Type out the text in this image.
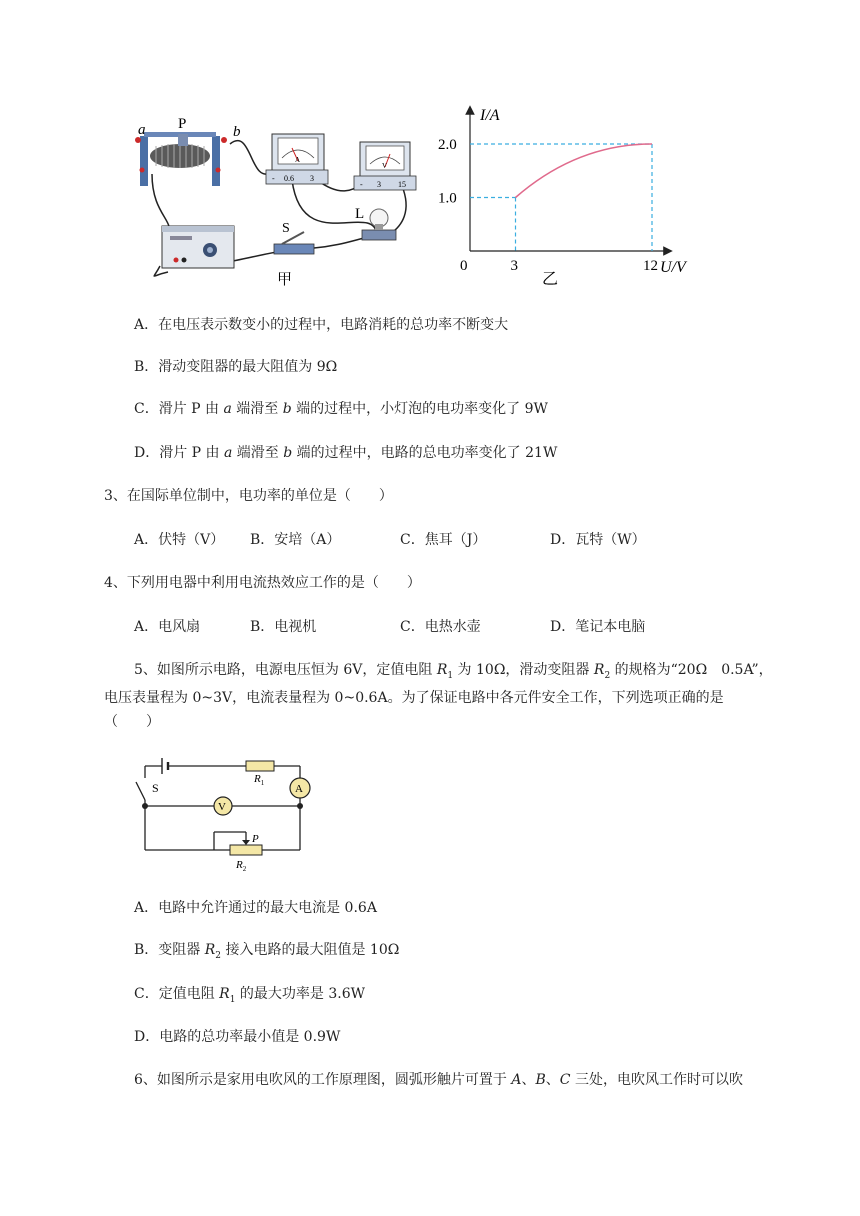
a P	b
A
- 0.6 3
V
- 3 15
L
S
甲
I/A
U/V
0
1.0
2.0
3	12
乙
A．在电压表示数变小的过程中，电路消耗的总功率不断变大
B．滑动变阻器的最大阻值为 9Ω
C．滑片 P 由 a 端滑至 b 端的过程中，小灯泡的电功率变化了 9W
D．滑片 P 由 a 端滑至 b 端的过程中，电路的总电功率变化了 21W
3、在国际单位制中，电功率的单位是（　　）
A．伏特（V） B．安培（A）	C．焦耳（J）	D．瓦特（W）
4、下列用电器中利用电流热效应工作的是（　　）
A．电风扇	B．电视机	C．电热水壶	D．笔记本电脑
5、如图所示电路，电源电压恒为 6V，定值电阻 $R_1$ 为 10Ω，滑动变阻器 $R_2$ 的规格为“20Ω　0.5A”，
电压表量程为 0~3V，电流表量程为 0~0.6A。为了保证电路中各元件安全工作，下列选项正确的是
（　　）
$R_1$	A
V
P
$R_2$
S
A．电路中允许通过的最大电流是 0.6A
B．变阻器 $R_2$ 接入电路的最大阻值是 10Ω
C．定值电阻 $R_1$ 的最大功率是 3.6W
D．电路的总功率最小值是 0.9W
6、如图所示是家用电吹风的工作原理图，圆弧形触片可置于 A、B、C 三处，电吹风工作时可以吹
